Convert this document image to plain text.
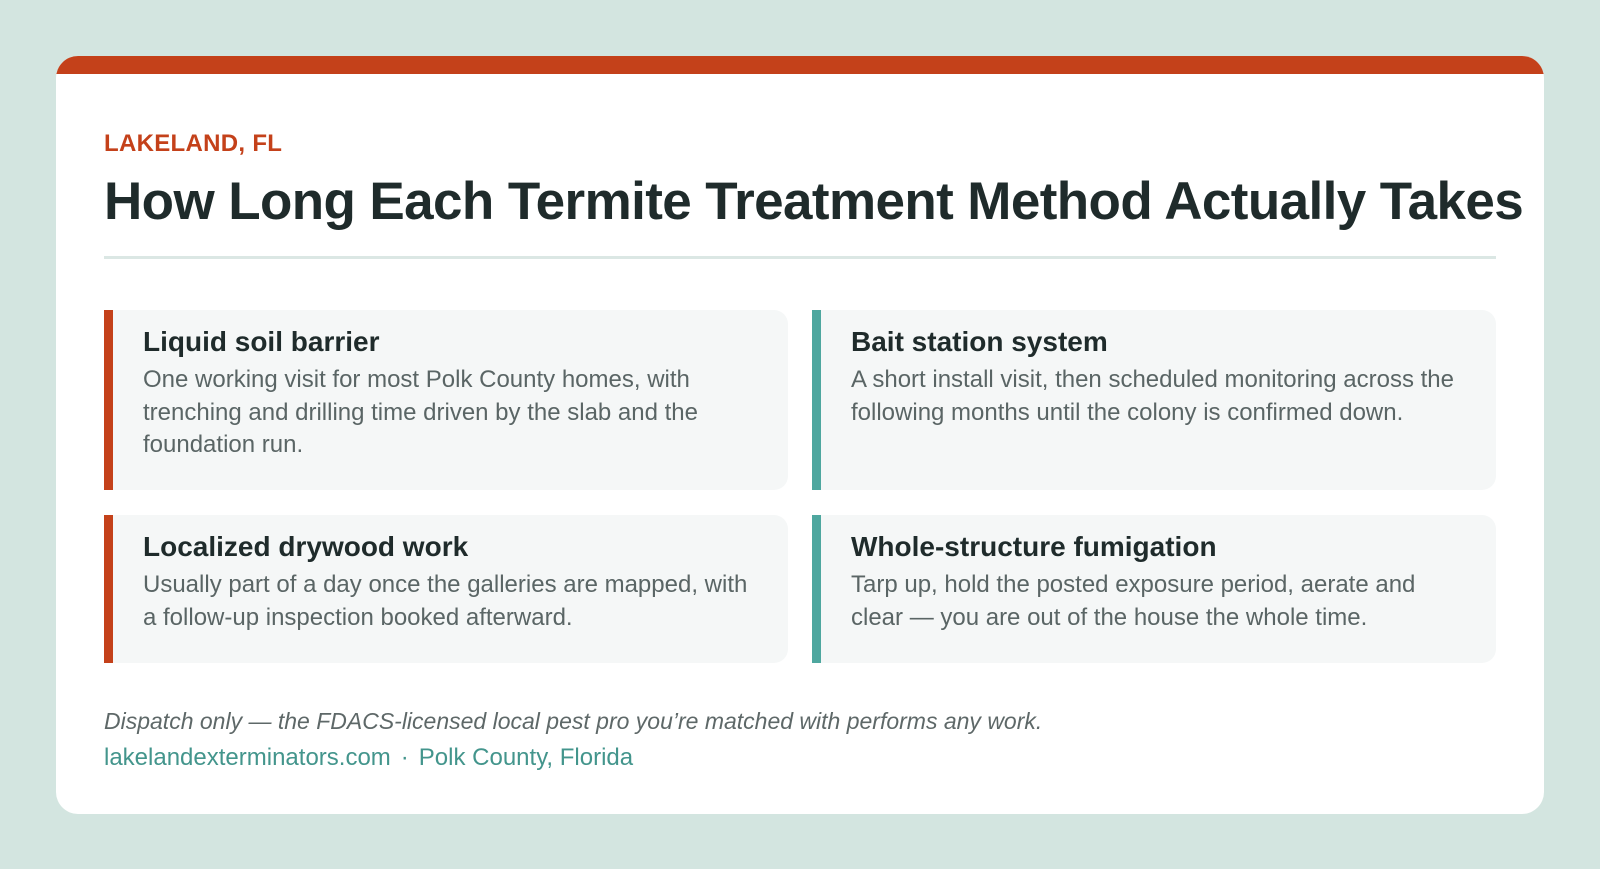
LAKELAND, FL
How Long Each Termite Treatment Method Actually Takes
Liquid soil barrier

One working visit for most Polk County homes, with trenching and drilling time driven by the slab and the foundation run.

Bait station system

A short install visit, then scheduled monitoring across the following months until the colony is confirmed down.

Localized drywood work

Usually part of a day once the galleries are mapped, with a follow-up inspection booked afterward.

Whole-structure fumigation

Tarp up, hold the posted exposure period, aerate and clear — you are out of the house the whole time.

Dispatch only — the FDACS-licensed local pest pro you’re matched with performs any work.
lakelandexterminators.com · Polk County, Florida
